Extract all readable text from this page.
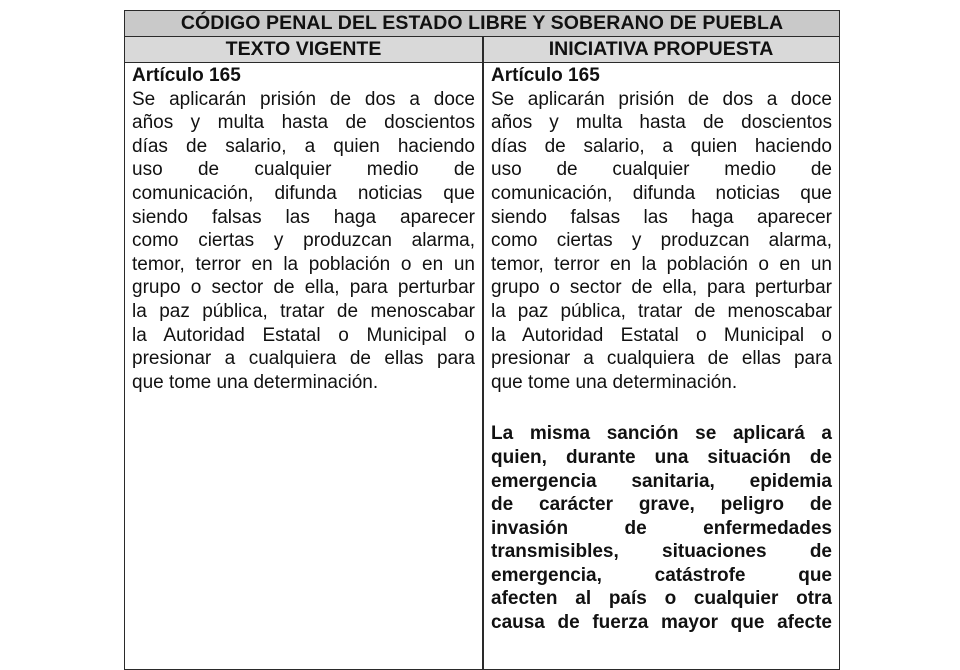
CÓDIGO PENAL DEL ESTADO LIBRE Y SOBERANO DE PUEBLA
TEXTO VIGENTE	INICIATIVA PROPUESTA
Artículo 165
Se aplicarán prisión de dos a doce
años y multa hasta de doscientos
días de salario, a quien haciendo
uso de cualquier medio de
comunicación, difunda noticias que
siendo falsas las haga aparecer
como ciertas y produzcan alarma,
temor, terror en la población o en un
grupo o sector de ella, para perturbar
la paz pública, tratar de menoscabar
la Autoridad Estatal o Municipal o
presionar a cualquiera de ellas para
que tome una determinación.
Artículo 165
Se aplicarán prisión de dos a doce
años y multa hasta de doscientos
días de salario, a quien haciendo
uso de cualquier medio de
comunicación, difunda noticias que
siendo falsas las haga aparecer
como ciertas y produzcan alarma,
temor, terror en la población o en un
grupo o sector de ella, para perturbar
la paz pública, tratar de menoscabar
la Autoridad Estatal o Municipal o
presionar a cualquiera de ellas para
que tome una determinación.
La misma sanción se aplicará a
quien, durante una situación de
emergencia sanitaria, epidemia
de carácter grave, peligro de
invasión de enfermedades
transmisibles, situaciones de
emergencia, catástrofe que
afecten al país o cualquier otra
causa de fuerza mayor que afecte
